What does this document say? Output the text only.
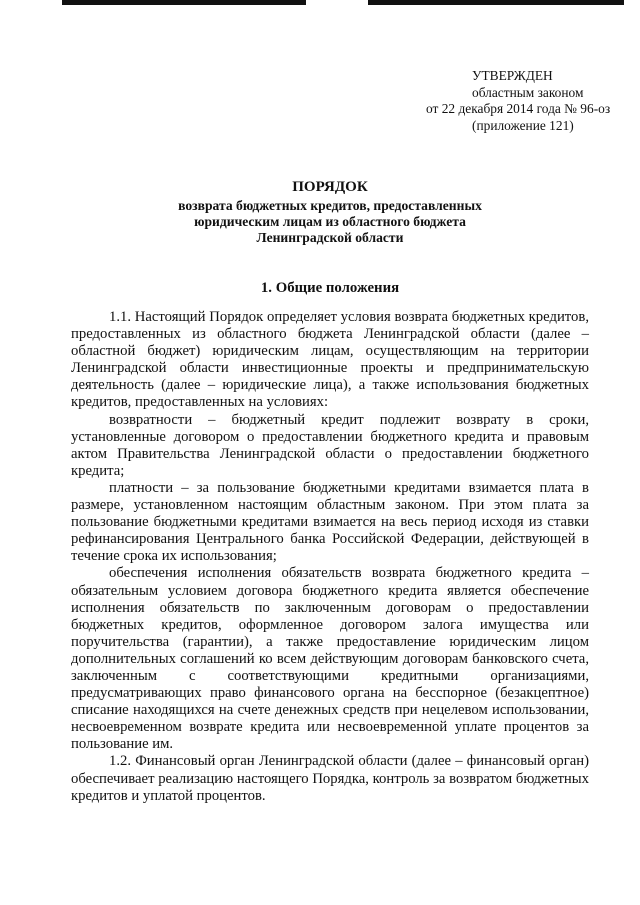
УТВЕРЖДЕН
областным законом
от 22 декабря 2014 года № 96-оз
(приложение 121)
ПОРЯДОК
возврата бюджетных кредитов, предоставленных
юридическим лицам из областного бюджета
Ленинградской области
1. Общие положения

1.1. Настоящий Порядок определяет условия возврата бюджетных кредитов, предоставленных из областного бюджета Ленинградской области (далее – областной бюджет) юридическим лицам, осуществляющим на территории Ленинградской области инвестиционные проекты и предпринимательскую деятельность (далее – юридические лица), а также использования бюджетных кредитов, предоставленных на условиях:

возвратности – бюджетный кредит подлежит возврату в сроки, установленные договором о предоставлении бюджетного кредита и правовым актом Правительства Ленинградской области о предоставлении бюджетного кредита;

платности – за пользование бюджетными кредитами взимается плата в размере, установленном настоящим областным законом. При этом плата за пользование бюджетными кредитами взимается на весь период исходя из ставки рефинансирования Центрального банка Российской Федерации, действующей в течение срока их использования;

обеспечения исполнения обязательств возврата бюджетного кредита – обязательным условием договора бюджетного кредита является обеспечение исполнения обязательств по заключенным договорам о предоставлении бюджетных кредитов, оформленное договором залога имущества или поручительства (гарантии), а также предоставление юридическим лицом дополнительных соглашений ко всем действующим договорам банковского счета, заключенным с соответствующими кредитными организациями, предусматривающих право финансового органа на бесспорное (безакцептное) списание находящихся на счете денежных средств при нецелевом использовании, несвоевременном возврате кредита или несвоевременной уплате процентов за пользование им.

1.2. Финансовый орган Ленинградской области (далее – финансовый орган) обеспечивает реализацию настоящего Порядка, контроль за возвратом бюджетных кредитов и уплатой процентов.
